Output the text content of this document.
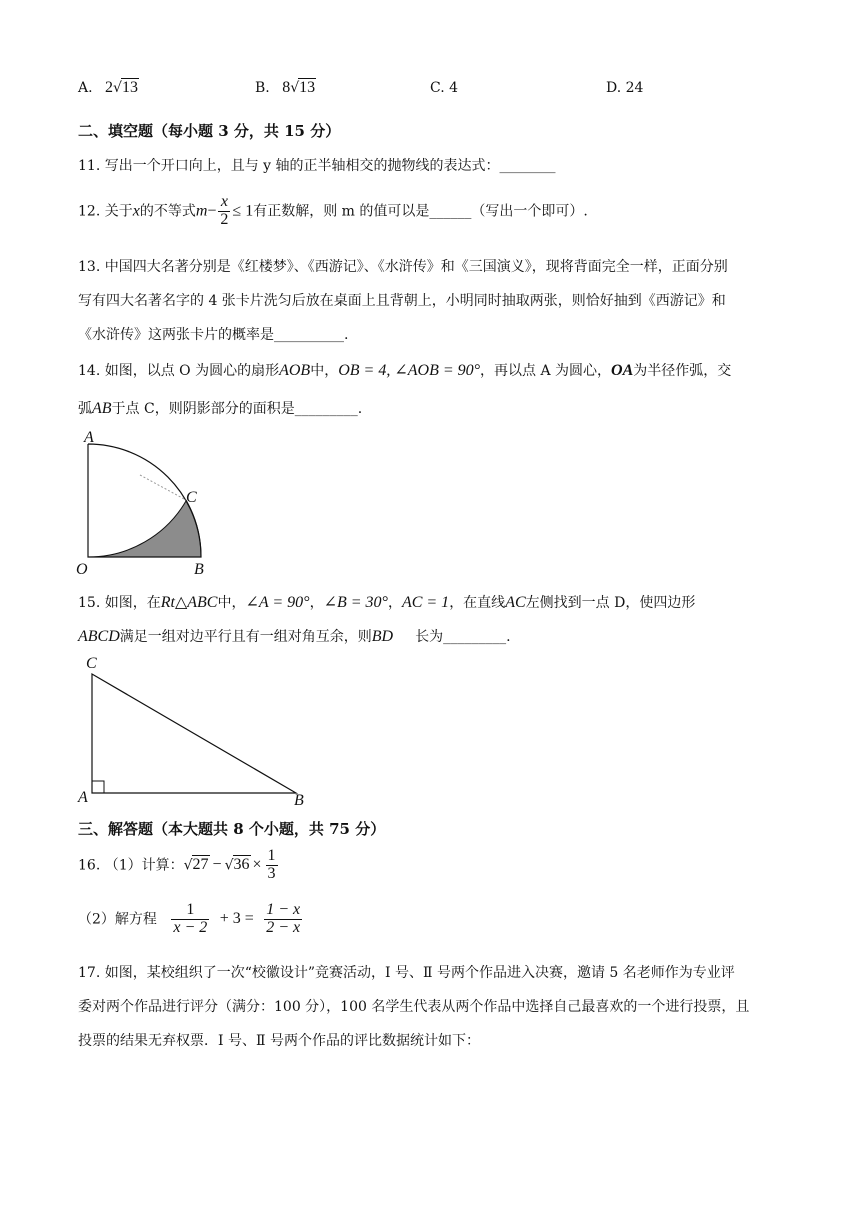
A. 2√13	B. 8√13	C. 4	D. 24
二、填空题（每小题 3 分，共 15 分）
11. 写出一个开口向上，且与 y 轴的正半轴相交的抛物线的表达式：________
12. 关于x的不等式$m- \frac{x}{2} \le 1$有正数解，则 m 的值可以是______（写出一个即可）.
13. 中国四大名著分别是《红楼梦》、《西游记》、《水浒传》和《三国演义》，现将背面完全一样，正面分别
写有四大名著名字的 4 张卡片洗匀后放在桌面上且背朝上，小明同时抽取两张，则恰好抽到《西游记》和
《水浒传》这两张卡片的概率是__________.
14. 如图，以点 O 为圆心的扇形AOB中，OB = 4, ∠AOB = 90°，再以点 A 为圆心，OA为半径作弧，交
弧AB于点 C，则阴影部分的面积是_________.
A
C
O	B
15. 如图，在Rt△ABC中，∠A = 90°，∠B = 30°，AC = 1，在直线AC左侧找到一点 D，使四边形
ABCD满足一组对边平行且有一组对角互余，则BD 长为_________.
C
A	B
三、解答题（本大题共 8 个小题，共 75 分）
16. （1）计算：$√27 - √36 \times \frac{1}{3}$
（2）解方程 $\frac{1}{x - 2} + 3 = \frac{1 - x}{2 - x}$
17. 如图，某校组织了一次“校徽设计”竞赛活动，Ⅰ 号、Ⅱ 号两个作品进入决赛，邀请 5 名老师作为专业评
委对两个作品进行评分（满分：100 分），100 名学生代表从两个作品中选择自己最喜欢的一个进行投票，且
投票的结果无弃权票．Ⅰ 号、Ⅱ 号两个作品的评比数据统计如下：
